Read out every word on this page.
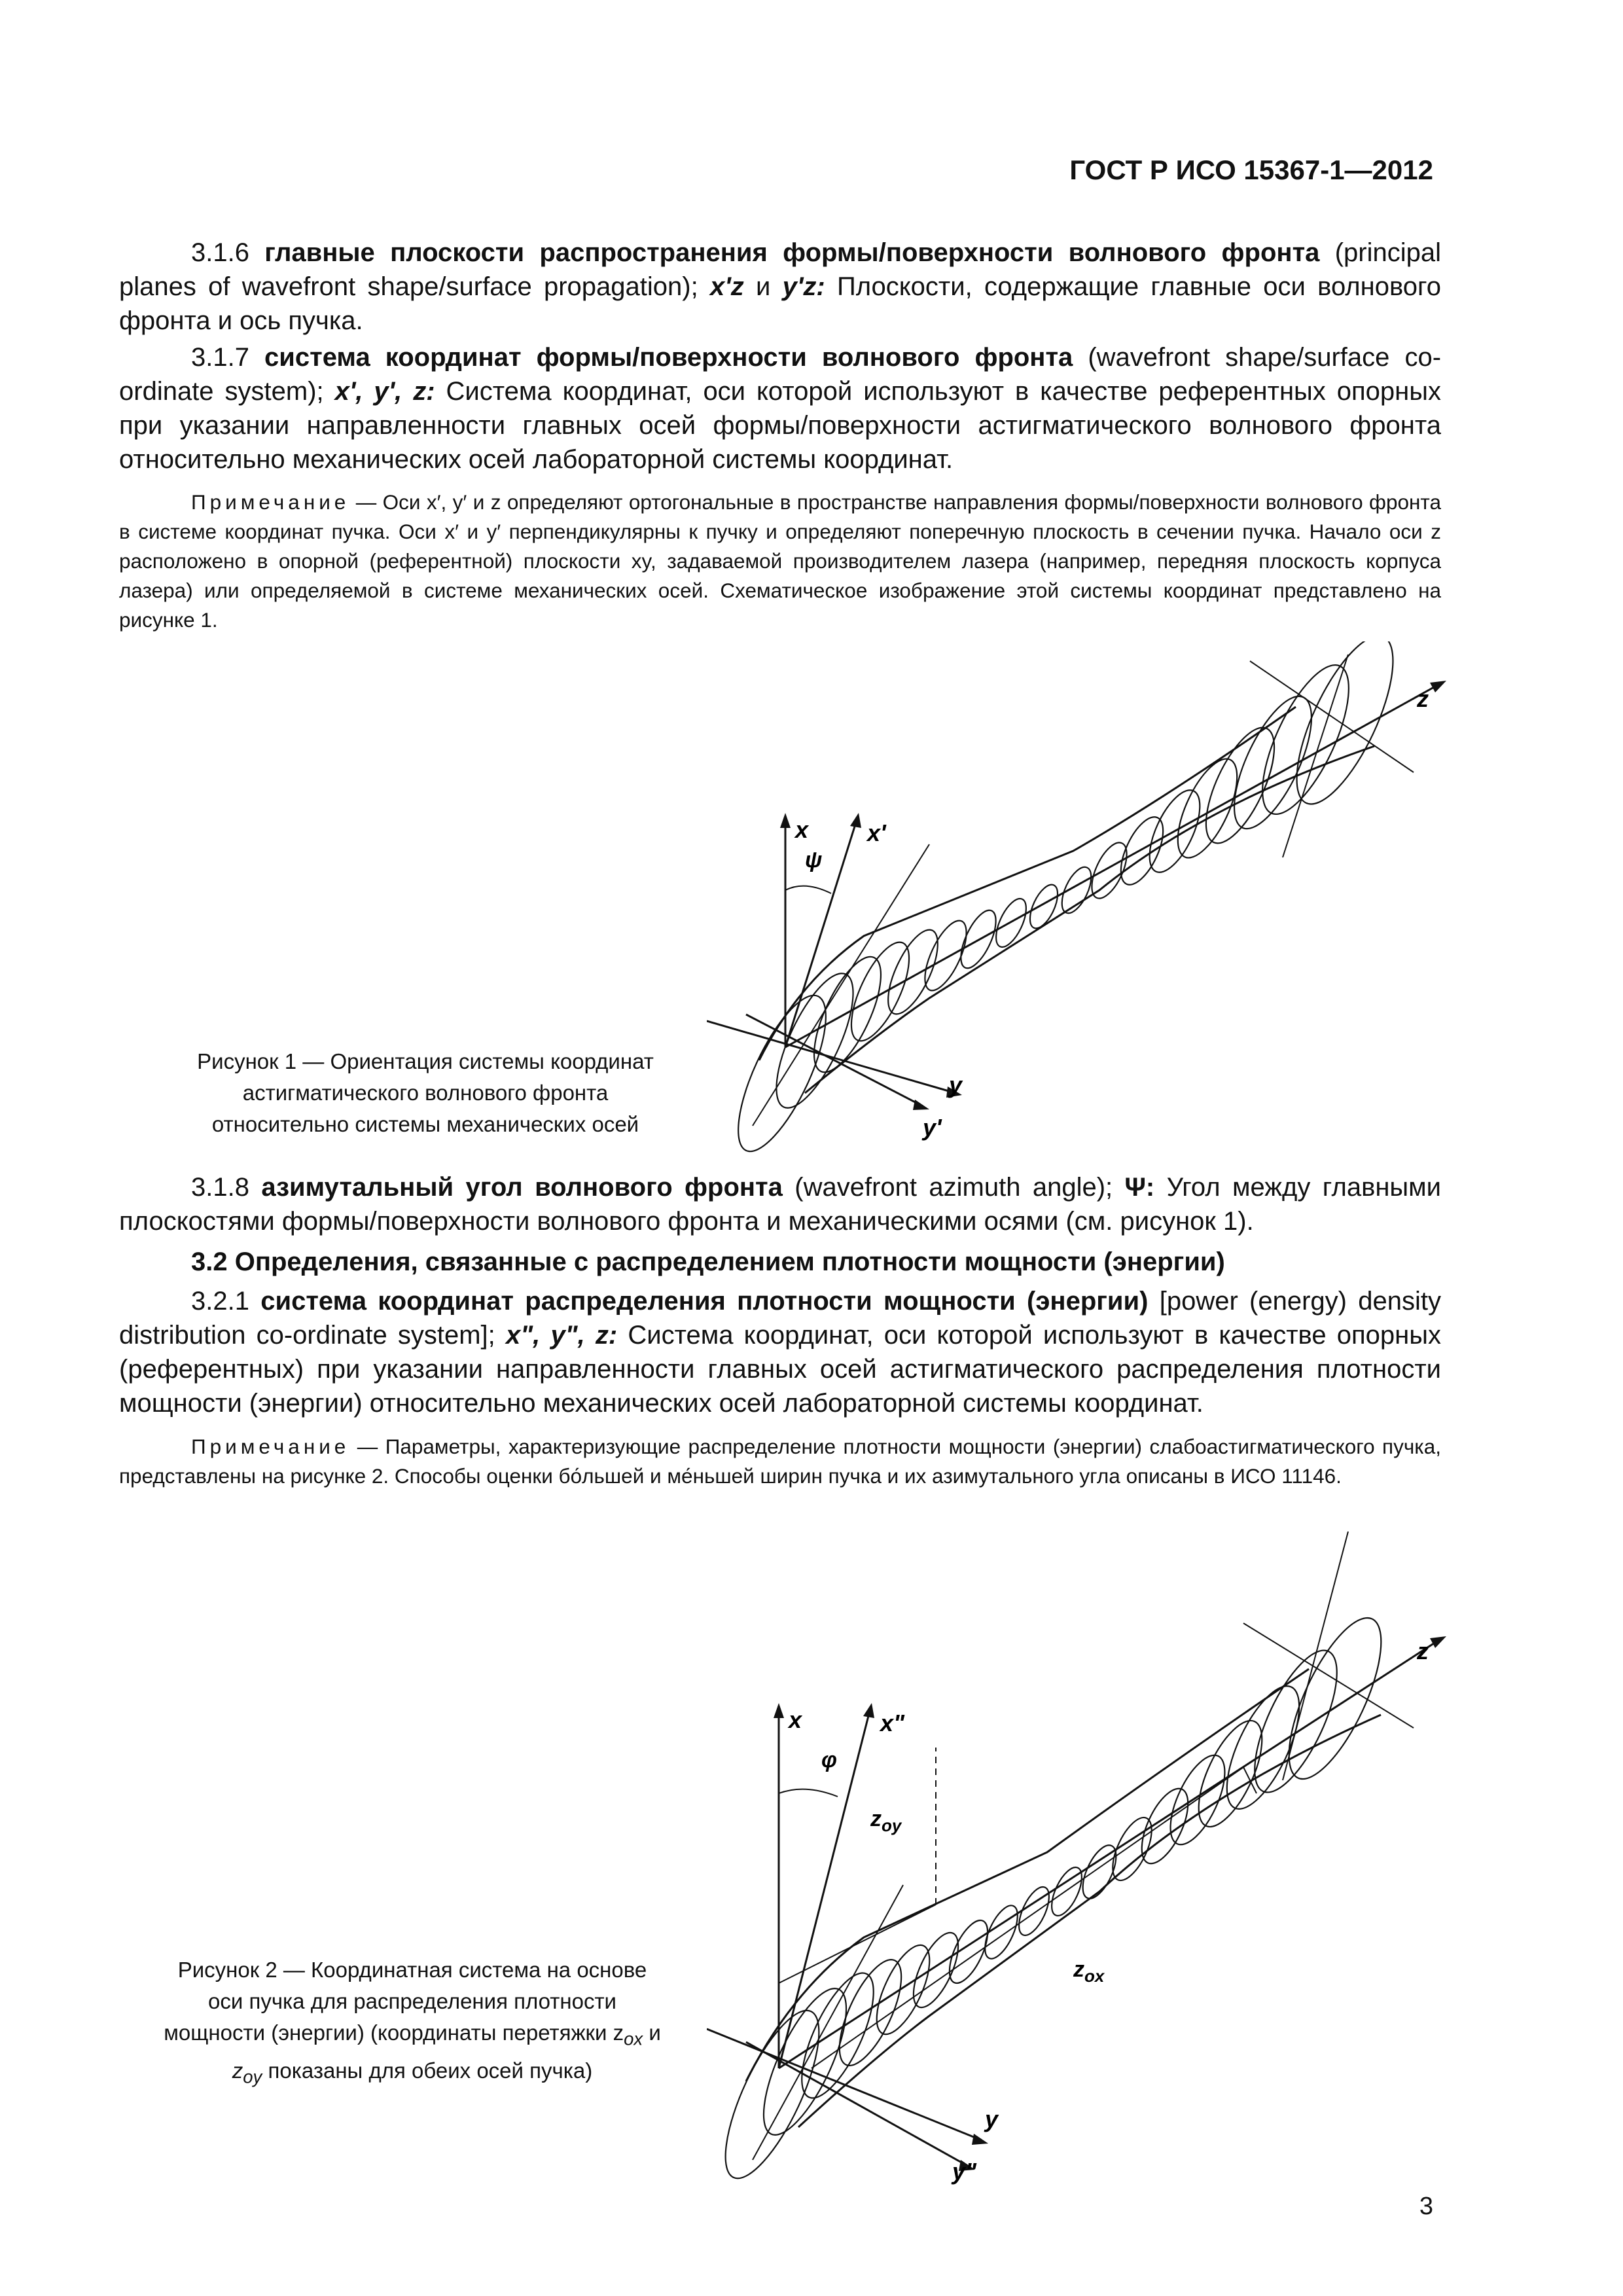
ГОСТ Р ИСО 15367-1—2012

3.1.6 главные плоскости распространения формы/поверхности волнового фронта (principal planes of wavefront shape/surface propagation); x'z и y'z: Плоскости, содержащие главные оси волнового фронта и ось пучка.

3.1.7 система координат формы/поверхности волнового фронта (wavefront shape/surface co-ordinate system); x', y', z: Система координат, оси которой используют в качестве референтных опорных при указании направленности главных осей формы/поверхности астигматического волнового фронта относительно механических осей лабораторной системы координат.

Примечание — Оси x′, y′ и z определяют ортогональные в пространстве направления формы/поверхности волнового фронта в системе координат пучка. Оси x′ и y′ перпендикулярны к пучку и определяют поперечную плоскость в сечении пучка. Начало оси z расположено в опорной (референтной) плоскости xy, задаваемой производителем лазера (например, передняя плоскость корпуса лазера) или определяемой в системе механических осей. Схематическое изображение этой системы координат представлено на рисунке 1.

x x'
ψ
y
y'
z
Рисунок 1 — Ориентация системы координат
астигматического волнового фронта
относительно системы механических осей

3.1.8 азимутальный угол волнового фронта (wavefront azimuth angle); Ψ: Угол между главными плоскостями формы/поверхности волнового фронта и механическими осями (см. рисунок 1).

3.2 Определения, связанные с распределением плотности мощности (энергии)

3.2.1 система координат распределения плотности мощности (энергии) [power (energy) density distribution co-ordinate system]; x", y", z: Система координат, оси которой используют в качестве опорных (референтных) при указании направленности главных осей астигматического распределения плотности мощности (энергии) относительно механических осей лабораторной системы координат.

Примечание — Параметры, характеризующие распределение плотности мощности (энергии) слабоастигматического пучка, представлены на рисунке 2. Способы оценки бо́льшей и ме́ньшей ширин пучка и их азимутального угла описаны в ИСО 11146.

x	x"
φ
$z_{oy}$
$z_{ox}$
y
y"
z
Рисунок 2 — Координатная система на основе
оси пучка для распределения плотности
мощности (энергии) (координаты перетяжки $z_{ox}$ и
$z_{oy}$ показаны для обеих осей пучка)
3
